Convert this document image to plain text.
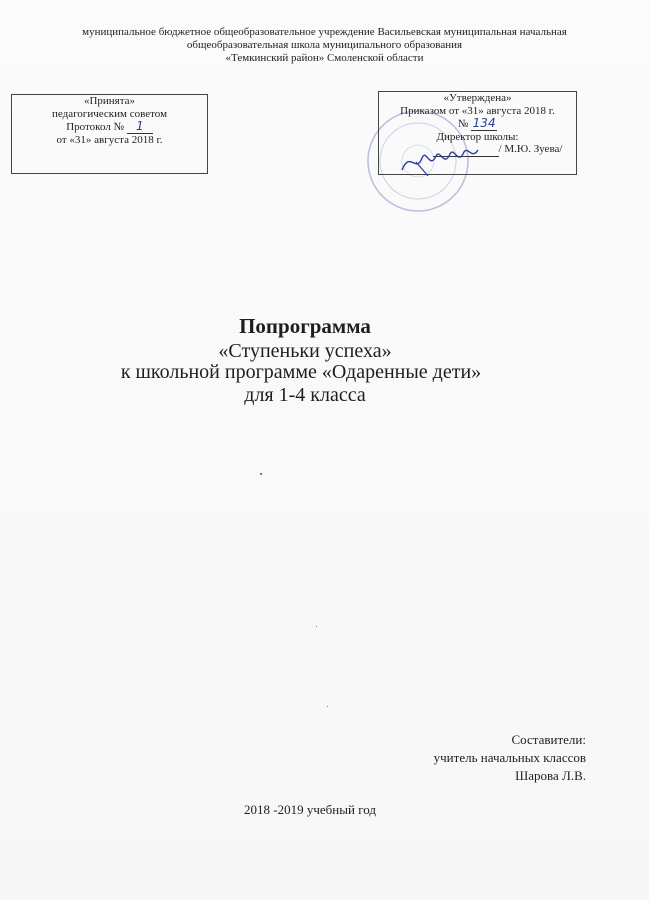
муниципальное бюджетное общеобразовательное учреждение Васильевская муниципальная начальная
общеобразовательная школа муниципального образования
«Темкинский район» Смоленской области
«Принята»
педагогическим советом
Протокол № 1
от «31» августа 2018 г.
«Утверждена»
Приказом от «31» августа 2018 г.
№ 134
Директор школы:
/ М.Ю. Зуева/
Попрограмма
«Ступеньки успеха»
к школьной программе «Одаренные дети»
для 1-4 класса
Составители:
учитель начальных классов
Шарова Л.В.
2018 -2019 учебный год
